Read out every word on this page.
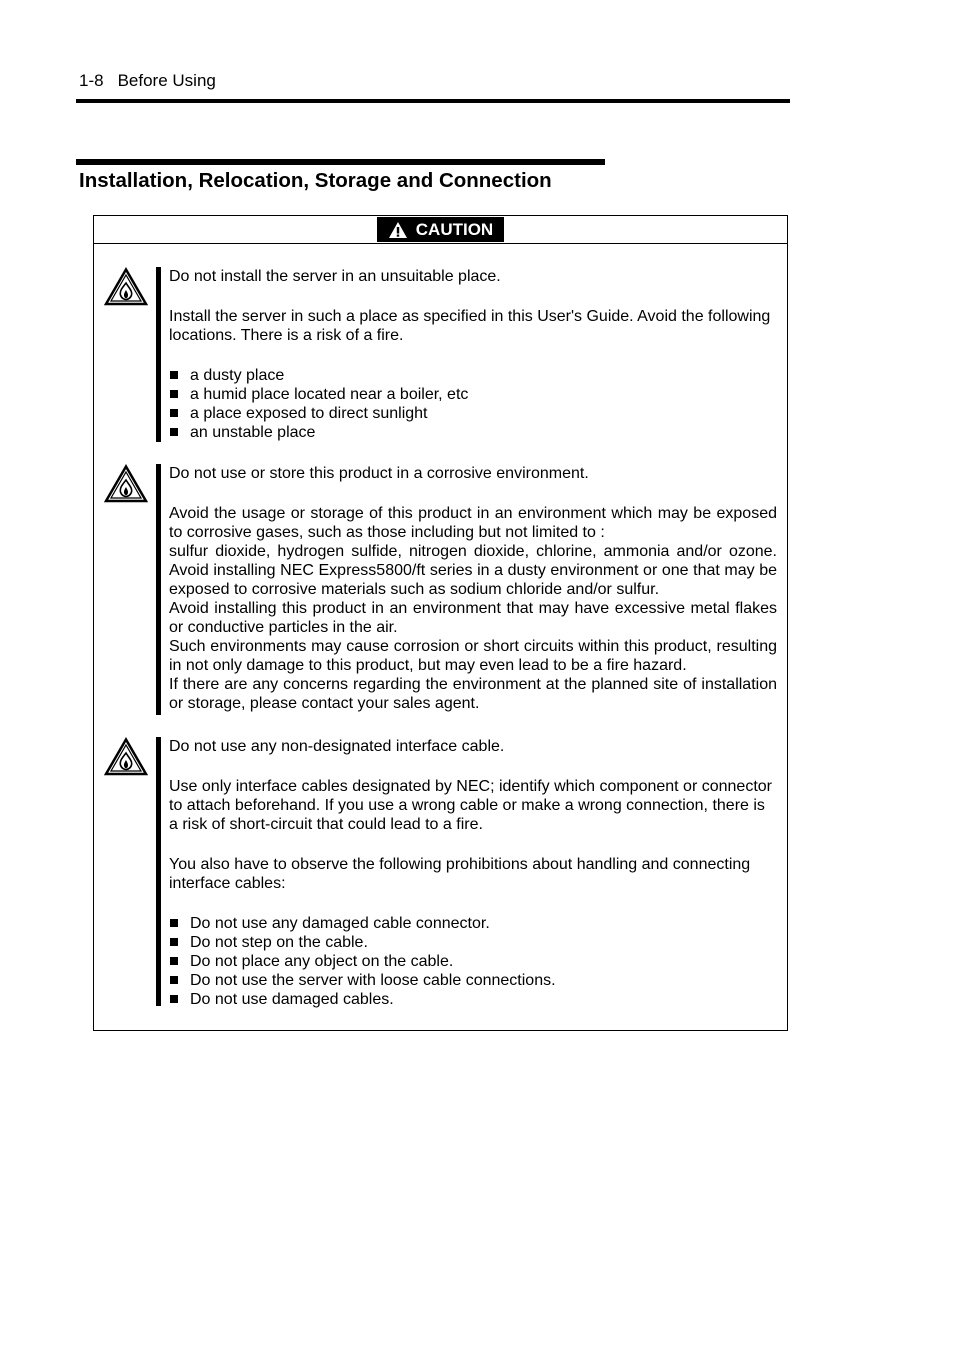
1-8 Before Using
Installation, Relocation, Storage and Connection
CAUTION

Do not install the server in an unsuitable place.

Install the server in such a place as specified in this User's Guide. Avoid the following locations. There is a risk of a fire.

a dusty place
a humid place located near a boiler, etc
a place exposed to direct sunlight
an unstable place

Do not use or store this product in a corrosive environment.

Avoid the usage or storage of this product in an environment which may be exposed to corrosive gases, such as those including but not limited to :

sulfur dioxide, hydrogen sulfide, nitrogen dioxide, chlorine, ammonia and/or ozone.

Avoid installing NEC Express5800/ft series in a dusty environment or one that may be exposed to corrosive materials such as sodium chloride and/or sulfur.

Avoid installing this product in an environment that may have excessive metal flakes or conductive particles in the air.

Such environments may cause corrosion or short circuits within this product, resulting in not only damage to this product, but may even lead to be a fire hazard.

If there are any concerns regarding the environment at the planned site of installation or storage, please contact your sales agent.

Do not use any non-designated interface cable.

Use only interface cables designated by NEC; identify which component or connector to attach beforehand. If you use a wrong cable or make a wrong connection, there is a risk of short-circuit that could lead to a fire.

You also have to observe the following prohibitions about handling and connecting interface cables:

Do not use any damaged cable connector.
Do not step on the cable.
Do not place any object on the cable.
Do not use the server with loose cable connections.
Do not use damaged cables.
